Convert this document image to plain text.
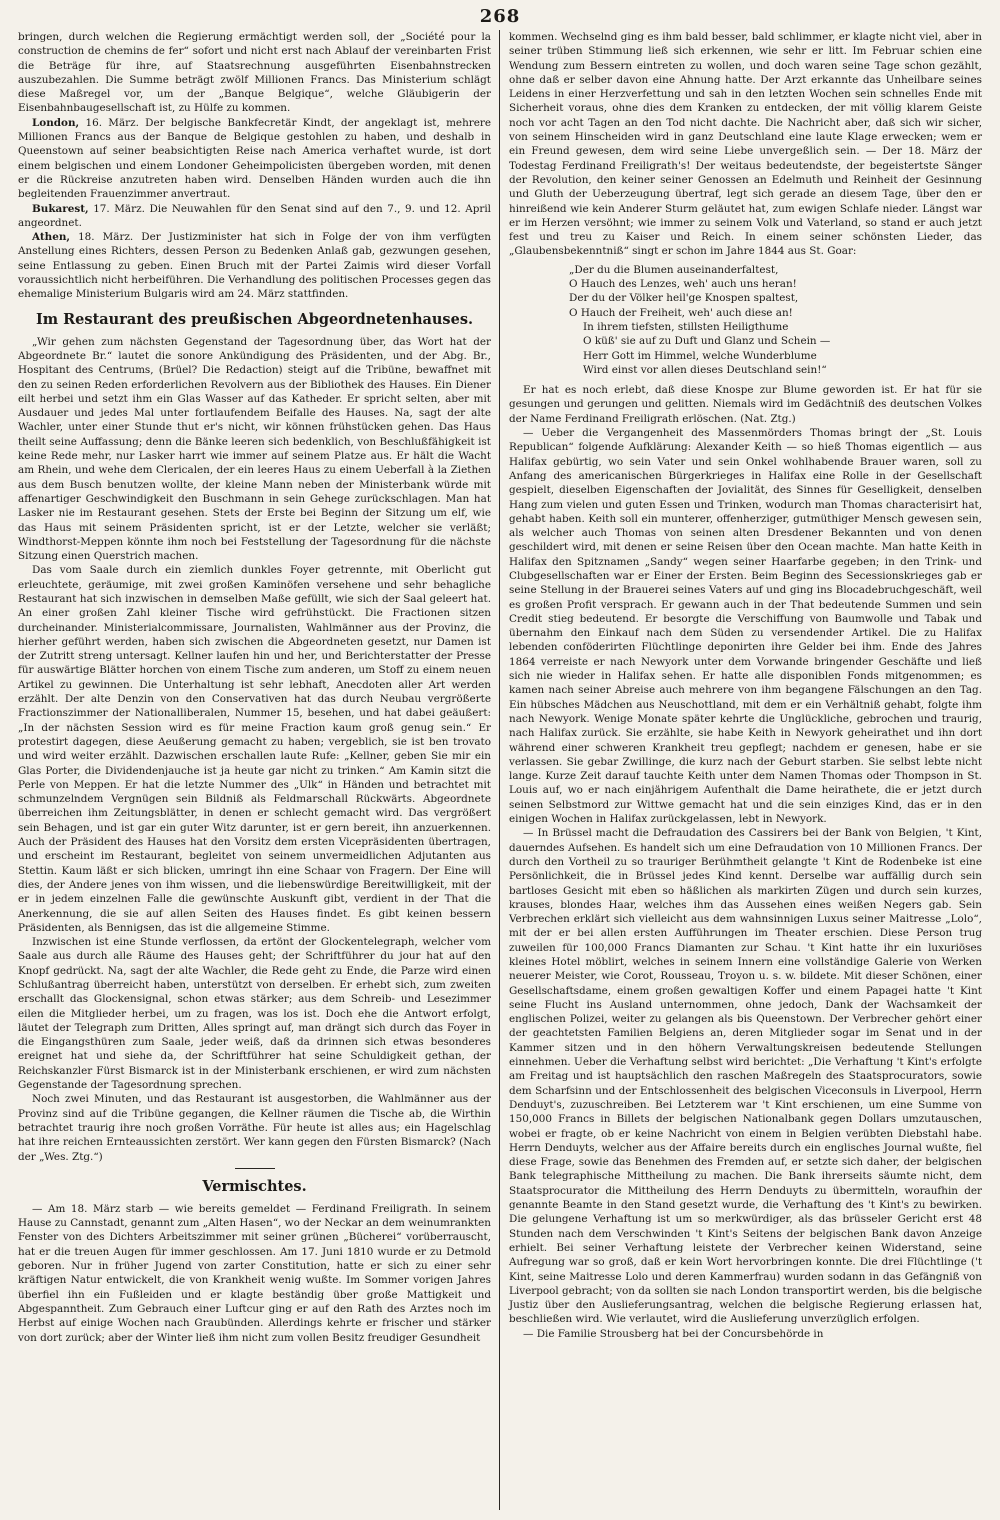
268

bringen, durch welchen die Regierung ermächtigt werden soll, der „Société pour la construction de chemins de fer“ sofort und nicht erst nach Ablauf der vereinbarten Frist die Beträge für ihre, auf Staatsrechnung ausgeführten Eisenbahnstrecken auszubezahlen. Die Summe beträgt zwölf Millionen Francs. Das Ministerium schlägt diese Maßregel vor, um der „Banque Belgique“, welche Gläubigerin der Eisenbahnbaugesellschaft ist, zu Hülfe zu kommen.

London, 16. März. Der belgische Bankfecretär Kindt, der angeklagt ist, mehrere Millionen Francs aus der Banque de Belgique gestohlen zu haben, und deshalb in Queenstown auf seiner beabsichtigten Reise nach America verhaftet wurde, ist dort einem belgischen und einem Londoner Geheimpolicisten übergeben worden, mit denen er die Rückreise anzutreten haben wird. Denselben Händen wurden auch die ihn begleitenden Frauenzimmer anvertraut.

Bukarest, 17. März. Die Neuwahlen für den Senat sind auf den 7., 9. und 12. April angeordnet.

Athen, 18. März. Der Justizminister hat sich in Folge der von ihm verfügten Anstellung eines Richters, dessen Person zu Bedenken Anlaß gab, gezwungen gesehen, seine Entlassung zu geben. Einen Bruch mit der Partei Zaimis wird dieser Vorfall voraussichtlich nicht herbeiführen. Die Verhandlung des politischen Processes gegen das ehemalige Ministerium Bulgaris wird am 24. März stattfinden.

Im Restaurant des preußischen Abgeordnetenhauses.

„Wir gehen zum nächsten Gegenstand der Tagesordnung über, das Wort hat der Abgeordnete Br.“ lautet die sonore Ankündigung des Präsidenten, und der Abg. Br., Hospitant des Centrums, (Brüel? Die Redaction) steigt auf die Tribüne, bewaffnet mit den zu seinen Reden erforderlichen Revolvern aus der Bibliothek des Hauses. Ein Diener eilt herbei und setzt ihm ein Glas Wasser auf das Katheder. Er spricht selten, aber mit Ausdauer und jedes Mal unter fortlaufendem Beifalle des Hauses. Na, sagt der alte Wachler, unter einer Stunde thut er's nicht, wir können frühstücken gehen. Das Haus theilt seine Auffassung; denn die Bänke leeren sich bedenklich, von Beschlußfähigkeit ist keine Rede mehr, nur Lasker harrt wie immer auf seinem Platze aus. Er hält die Wacht am Rhein, und wehe dem Clericalen, der ein leeres Haus zu einem Ueberfall à la Ziethen aus dem Busch benutzen wollte, der kleine Mann neben der Ministerbank würde mit affenartiger Geschwindigkeit den Buschmann in sein Gehege zurückschlagen. Man hat Lasker nie im Restaurant gesehen. Stets der Erste bei Beginn der Sitzung um elf, wie das Haus mit seinem Präsidenten spricht, ist er der Letzte, welcher sie verläßt; Windthorst-Meppen könnte ihm noch bei Feststellung der Tagesordnung für die nächste Sitzung einen Querstrich machen.

Das vom Saale durch ein ziemlich dunkles Foyer getrennte, mit Oberlicht gut erleuchtete, geräumige, mit zwei großen Kaminöfen versehene und sehr behagliche Restaurant hat sich inzwischen in demselben Maße gefüllt, wie sich der Saal geleert hat. An einer großen Zahl kleiner Tische wird gefrühstückt. Die Fractionen sitzen durcheinander. Ministerialcommissare, Journalisten, Wahlmänner aus der Provinz, die hierher geführt werden, haben sich zwischen die Abgeordneten gesetzt, nur Damen ist der Zutritt streng untersagt. Kellner laufen hin und her, und Berichterstatter der Presse für auswärtige Blätter horchen von einem Tische zum anderen, um Stoff zu einem neuen Artikel zu gewinnen. Die Unterhaltung ist sehr lebhaft, Anecdoten aller Art werden erzählt. Der alte Denzin von den Conservativen hat das durch Neubau vergrößerte Fractionszimmer der Nationalliberalen, Nummer 15, besehen, und hat dabei geäußert: „In der nächsten Session wird es für meine Fraction kaum groß genug sein.“ Er protestirt dagegen, diese Aeußerung gemacht zu haben; vergeblich, sie ist ben trovato und wird weiter erzählt. Dazwischen erschallen laute Rufe: „Kellner, geben Sie mir ein Glas Porter, die Dividendenjauche ist ja heute gar nicht zu trinken.“ Am Kamin sitzt die Perle von Meppen. Er hat die letzte Nummer des „Ulk“ in Händen und betrachtet mit schmunzelndem Vergnügen sein Bildniß als Feldmarschall Rückwärts. Abgeordnete überreichen ihm Zeitungsblätter, in denen er schlecht gemacht wird. Das vergrößert sein Behagen, und ist gar ein guter Witz darunter, ist er gern bereit, ihn anzuerkennen. Auch der Präsident des Hauses hat den Vorsitz dem ersten Vicepräsidenten übertragen, und erscheint im Restaurant, begleitet von seinem unvermeidlichen Adjutanten aus Stettin. Kaum läßt er sich blicken, umringt ihn eine Schaar von Fragern. Der Eine will dies, der Andere jenes von ihm wissen, und die liebenswürdige Bereitwilligkeit, mit der er in jedem einzelnen Falle die gewünschte Auskunft gibt, verdient in der That die Anerkennung, die sie auf allen Seiten des Hauses findet. Es gibt keinen bessern Präsidenten, als Bennigsen, das ist die allgemeine Stimme.

Inzwischen ist eine Stunde verflossen, da ertönt der Glockentelegraph, welcher vom Saale aus durch alle Räume des Hauses geht; der Schriftführer du jour hat auf den Knopf gedrückt. Na, sagt der alte Wachler, die Rede geht zu Ende, die Parze wird einen Schlußantrag überreicht haben, unterstützt von derselben. Er erhebt sich, zum zweiten erschallt das Glockensignal, schon etwas stärker; aus dem Schreib- und Lesezimmer eilen die Mitglieder herbei, um zu fragen, was los ist. Doch ehe die Antwort erfolgt, läutet der Telegraph zum Dritten, Alles springt auf, man drängt sich durch das Foyer in die Eingangsthüren zum Saale, jeder weiß, daß da drinnen sich etwas besonderes ereignet hat und siehe da, der Schriftführer hat seine Schuldigkeit gethan, der Reichskanzler Fürst Bismarck ist in der Ministerbank erschienen, er wird zum nächsten Gegenstande der Tagesordnung sprechen.

Noch zwei Minuten, und das Restaurant ist ausgestorben, die Wahlmänner aus der Provinz sind auf die Tribüne gegangen, die Kellner räumen die Tische ab, die Wirthin betrachtet traurig ihre noch großen Vorräthe. Für heute ist alles aus; ein Hagelschlag hat ihre reichen Ernteaussichten zerstört. Wer kann gegen den Fürsten Bismarck? (Nach der „Wes. Ztg.“)

Vermischtes.

— Am 18. März starb — wie bereits gemeldet — Ferdinand Freiligrath. In seinem Hause zu Cannstadt, genannt zum „Alten Hasen“, wo der Neckar an dem weinumrankten Fenster von des Dichters Arbeitszimmer mit seiner grünen „Bücherei“ vorüberrauscht, hat er die treuen Augen für immer geschlossen. Am 17. Juni 1810 wurde er zu Detmold geboren. Nur in früher Jugend von zarter Constitution, hatte er sich zu einer sehr kräftigen Natur entwickelt, die von Krankheit wenig wußte. Im Sommer vorigen Jahres überfiel ihn ein Fußleiden und er klagte beständig über große Mattigkeit und Abgespanntheit. Zum Gebrauch einer Luftcur ging er auf den Rath des Arztes noch im Herbst auf einige Wochen nach Graubünden. Allerdings kehrte er frischer und stärker von dort zurück; aber der Winter ließ ihm nicht zum vollen Besitz freudiger Gesundheit

kommen. Wechselnd ging es ihm bald besser, bald schlimmer, er klagte nicht viel, aber in seiner trüben Stimmung ließ sich erkennen, wie sehr er litt. Im Februar schien eine Wendung zum Bessern eintreten zu wollen, und doch waren seine Tage schon gezählt, ohne daß er selber davon eine Ahnung hatte. Der Arzt erkannte das Unheilbare seines Leidens in einer Herzverfettung und sah in den letzten Wochen sein schnelles Ende mit Sicherheit voraus, ohne dies dem Kranken zu entdecken, der mit völlig klarem Geiste noch vor acht Tagen an den Tod nicht dachte. Die Nachricht aber, daß sich wir sicher, von seinem Hinscheiden wird in ganz Deutschland eine laute Klage erwecken; wem er ein Freund gewesen, dem wird seine Liebe unvergeßlich sein. — Der 18. März der Todestag Ferdinand Freiligrath's! Der weitaus bedeutendste, der begeistertste Sänger der Revolution, den keiner seiner Genossen an Edelmuth und Reinheit der Gesinnung und Gluth der Ueberzeugung übertraf, legt sich gerade an diesem Tage, über den er hinreißend wie kein Anderer Sturm geläutet hat, zum ewigen Schlafe nieder. Längst war er im Herzen versöhnt; wie immer zu seinem Volk und Vaterland, so stand er auch jetzt fest und treu zu Kaiser und Reich. In einem seiner schönsten Lieder, das „Glaubensbekenntniß“ singt er schon im Jahre 1844 aus St. Goar:

„Der du die Blumen auseinanderfaltest,
O Hauch des Lenzes, weh' auch uns heran!
Der du der Völker heil'ge Knospen spaltest,
O Hauch der Freiheit, weh' auch diese an!
In ihrem tiefsten, stillsten Heiligthume
O küß' sie auf zu Duft und Glanz und Schein —
Herr Gott im Himmel, welche Wunderblume
Wird einst vor allen dieses Deutschland sein!“

Er hat es noch erlebt, daß diese Knospe zur Blume geworden ist. Er hat für sie gesungen und gerungen und gelitten. Niemals wird im Gedächtniß des deutschen Volkes der Name Ferdinand Freiligrath erlöschen. (Nat. Ztg.)

— Ueber die Vergangenheit des Massenmörders Thomas bringt der „St. Louis Republican“ folgende Aufklärung: Alexander Keith — so hieß Thomas eigentlich — aus Halifax gebürtig, wo sein Vater und sein Onkel wohlhabende Brauer waren, soll zu Anfang des americanischen Bürgerkrieges in Halifax eine Rolle in der Gesellschaft gespielt, dieselben Eigenschaften der Jovialität, des Sinnes für Geselligkeit, denselben Hang zum vielen und guten Essen und Trinken, wodurch man Thomas characterisirt hat, gehabt haben. Keith soll ein munterer, offenherziger, gutmüthiger Mensch gewesen sein, als welcher auch Thomas von seinen alten Dresdener Bekannten und von denen geschildert wird, mit denen er seine Reisen über den Ocean machte. Man hatte Keith in Halifax den Spitznamen „Sandy“ wegen seiner Haarfarbe gegeben; in den Trink- und Clubgesellschaften war er Einer der Ersten. Beim Beginn des Secessionskrieges gab er seine Stellung in der Brauerei seines Vaters auf und ging ins Blocadebruchgeschäft, weil es großen Profit versprach. Er gewann auch in der That bedeutende Summen und sein Credit stieg bedeutend. Er besorgte die Verschiffung von Baumwolle und Tabak und übernahm den Einkauf nach dem Süden zu versendender Artikel. Die zu Halifax lebenden conföderirten Flüchtlinge deponirten ihre Gelder bei ihm. Ende des Jahres 1864 verreiste er nach Newyork unter dem Vorwande bringender Geschäfte und ließ sich nie wieder in Halifax sehen. Er hatte alle disponiblen Fonds mitgenommen; es kamen nach seiner Abreise auch mehrere von ihm begangene Fälschungen an den Tag. Ein hübsches Mädchen aus Neuschottland, mit dem er ein Verhältniß gehabt, folgte ihm nach Newyork. Wenige Monate später kehrte die Unglückliche, gebrochen und traurig, nach Halifax zurück. Sie erzählte, sie habe Keith in Newyork geheirathet und ihn dort während einer schweren Krankheit treu gepflegt; nachdem er genesen, habe er sie verlassen. Sie gebar Zwillinge, die kurz nach der Geburt starben. Sie selbst lebte nicht lange. Kurze Zeit darauf tauchte Keith unter dem Namen Thomas oder Thompson in St. Louis auf, wo er nach einjährigem Aufenthalt die Dame heirathete, die er jetzt durch seinen Selbstmord zur Wittwe gemacht hat und die sein einziges Kind, das er in den einigen Wochen in Halifax zurückgelassen, lebt in Newyork.

— In Brüssel macht die Defraudation des Cassirers bei der Bank von Belgien, 't Kint, dauerndes Aufsehen. Es handelt sich um eine Defraudation von 10 Millionen Francs. Der durch den Vortheil zu so trauriger Berühmtheit gelangte 't Kint de Rodenbeke ist eine Persönlichkeit, die in Brüssel jedes Kind kennt. Derselbe war auffällig durch sein bartloses Gesicht mit eben so häßlichen als markirten Zügen und durch sein kurzes, krauses, blondes Haar, welches ihm das Aussehen eines weißen Negers gab. Sein Verbrechen erklärt sich vielleicht aus dem wahnsinnigen Luxus seiner Maitresse „Lolo“, mit der er bei allen ersten Aufführungen im Theater erschien. Diese Person trug zuweilen für 100,000 Francs Diamanten zur Schau. 't Kint hatte ihr ein luxuriöses kleines Hotel möblirt, welches in seinem Innern eine vollständige Galerie von Werken neuerer Meister, wie Corot, Rousseau, Troyon u. s. w. bildete. Mit dieser Schönen, einer Gesellschaftsdame, einem großen gewaltigen Koffer und einem Papagei hatte 't Kint seine Flucht ins Ausland unternommen, ohne jedoch, Dank der Wachsamkeit der englischen Polizei, weiter zu gelangen als bis Queenstown. Der Verbrecher gehört einer der geachtetsten Familien Belgiens an, deren Mitglieder sogar im Senat und in der Kammer sitzen und in den höhern Verwaltungskreisen bedeutende Stellungen einnehmen. Ueber die Verhaftung selbst wird berichtet: „Die Verhaftung 't Kint's erfolgte am Freitag und ist hauptsächlich den raschen Maßregeln des Staatsprocurators, sowie dem Scharfsinn und der Entschlossenheit des belgischen Viceconsuls in Liverpool, Herrn Denduyt's, zuzuschreiben. Bei Letzterem war 't Kint erschienen, um eine Summe von 150,000 Francs in Billets der belgischen Nationalbank gegen Dollars umzutauschen, wobei er fragte, ob er keine Nachricht von einem in Belgien verübten Diebstahl habe. Herrn Denduyts, welcher aus der Affaire bereits durch ein englisches Journal wußte, fiel diese Frage, sowie das Benehmen des Fremden auf, er setzte sich daher, der belgischen Bank telegraphische Mittheilung zu machen. Die Bank ihrerseits säumte nicht, dem Staatsprocurator die Mittheilung des Herrn Denduyts zu übermitteln, woraufhin der genannte Beamte in den Stand gesetzt wurde, die Verhaftung des 't Kint's zu bewirken. Die gelungene Verhaftung ist um so merkwürdiger, als das brüsseler Gericht erst 48 Stunden nach dem Verschwinden 't Kint's Seitens der belgischen Bank davon Anzeige erhielt. Bei seiner Verhaftung leistete der Verbrecher keinen Widerstand, seine Aufregung war so groß, daß er kein Wort hervorbringen konnte. Die drei Flüchtlinge ('t Kint, seine Maitresse Lolo und deren Kammerfrau) wurden sodann in das Gefängniß von Liverpool gebracht; von da sollten sie nach London transportirt werden, bis die belgische Justiz über den Auslieferungsantrag, welchen die belgische Regierung erlassen hat, beschließen wird. Wie verlautet, wird die Auslieferung unverzüglich erfolgen.

— Die Familie Strousberg hat bei der Concursbehörde in
